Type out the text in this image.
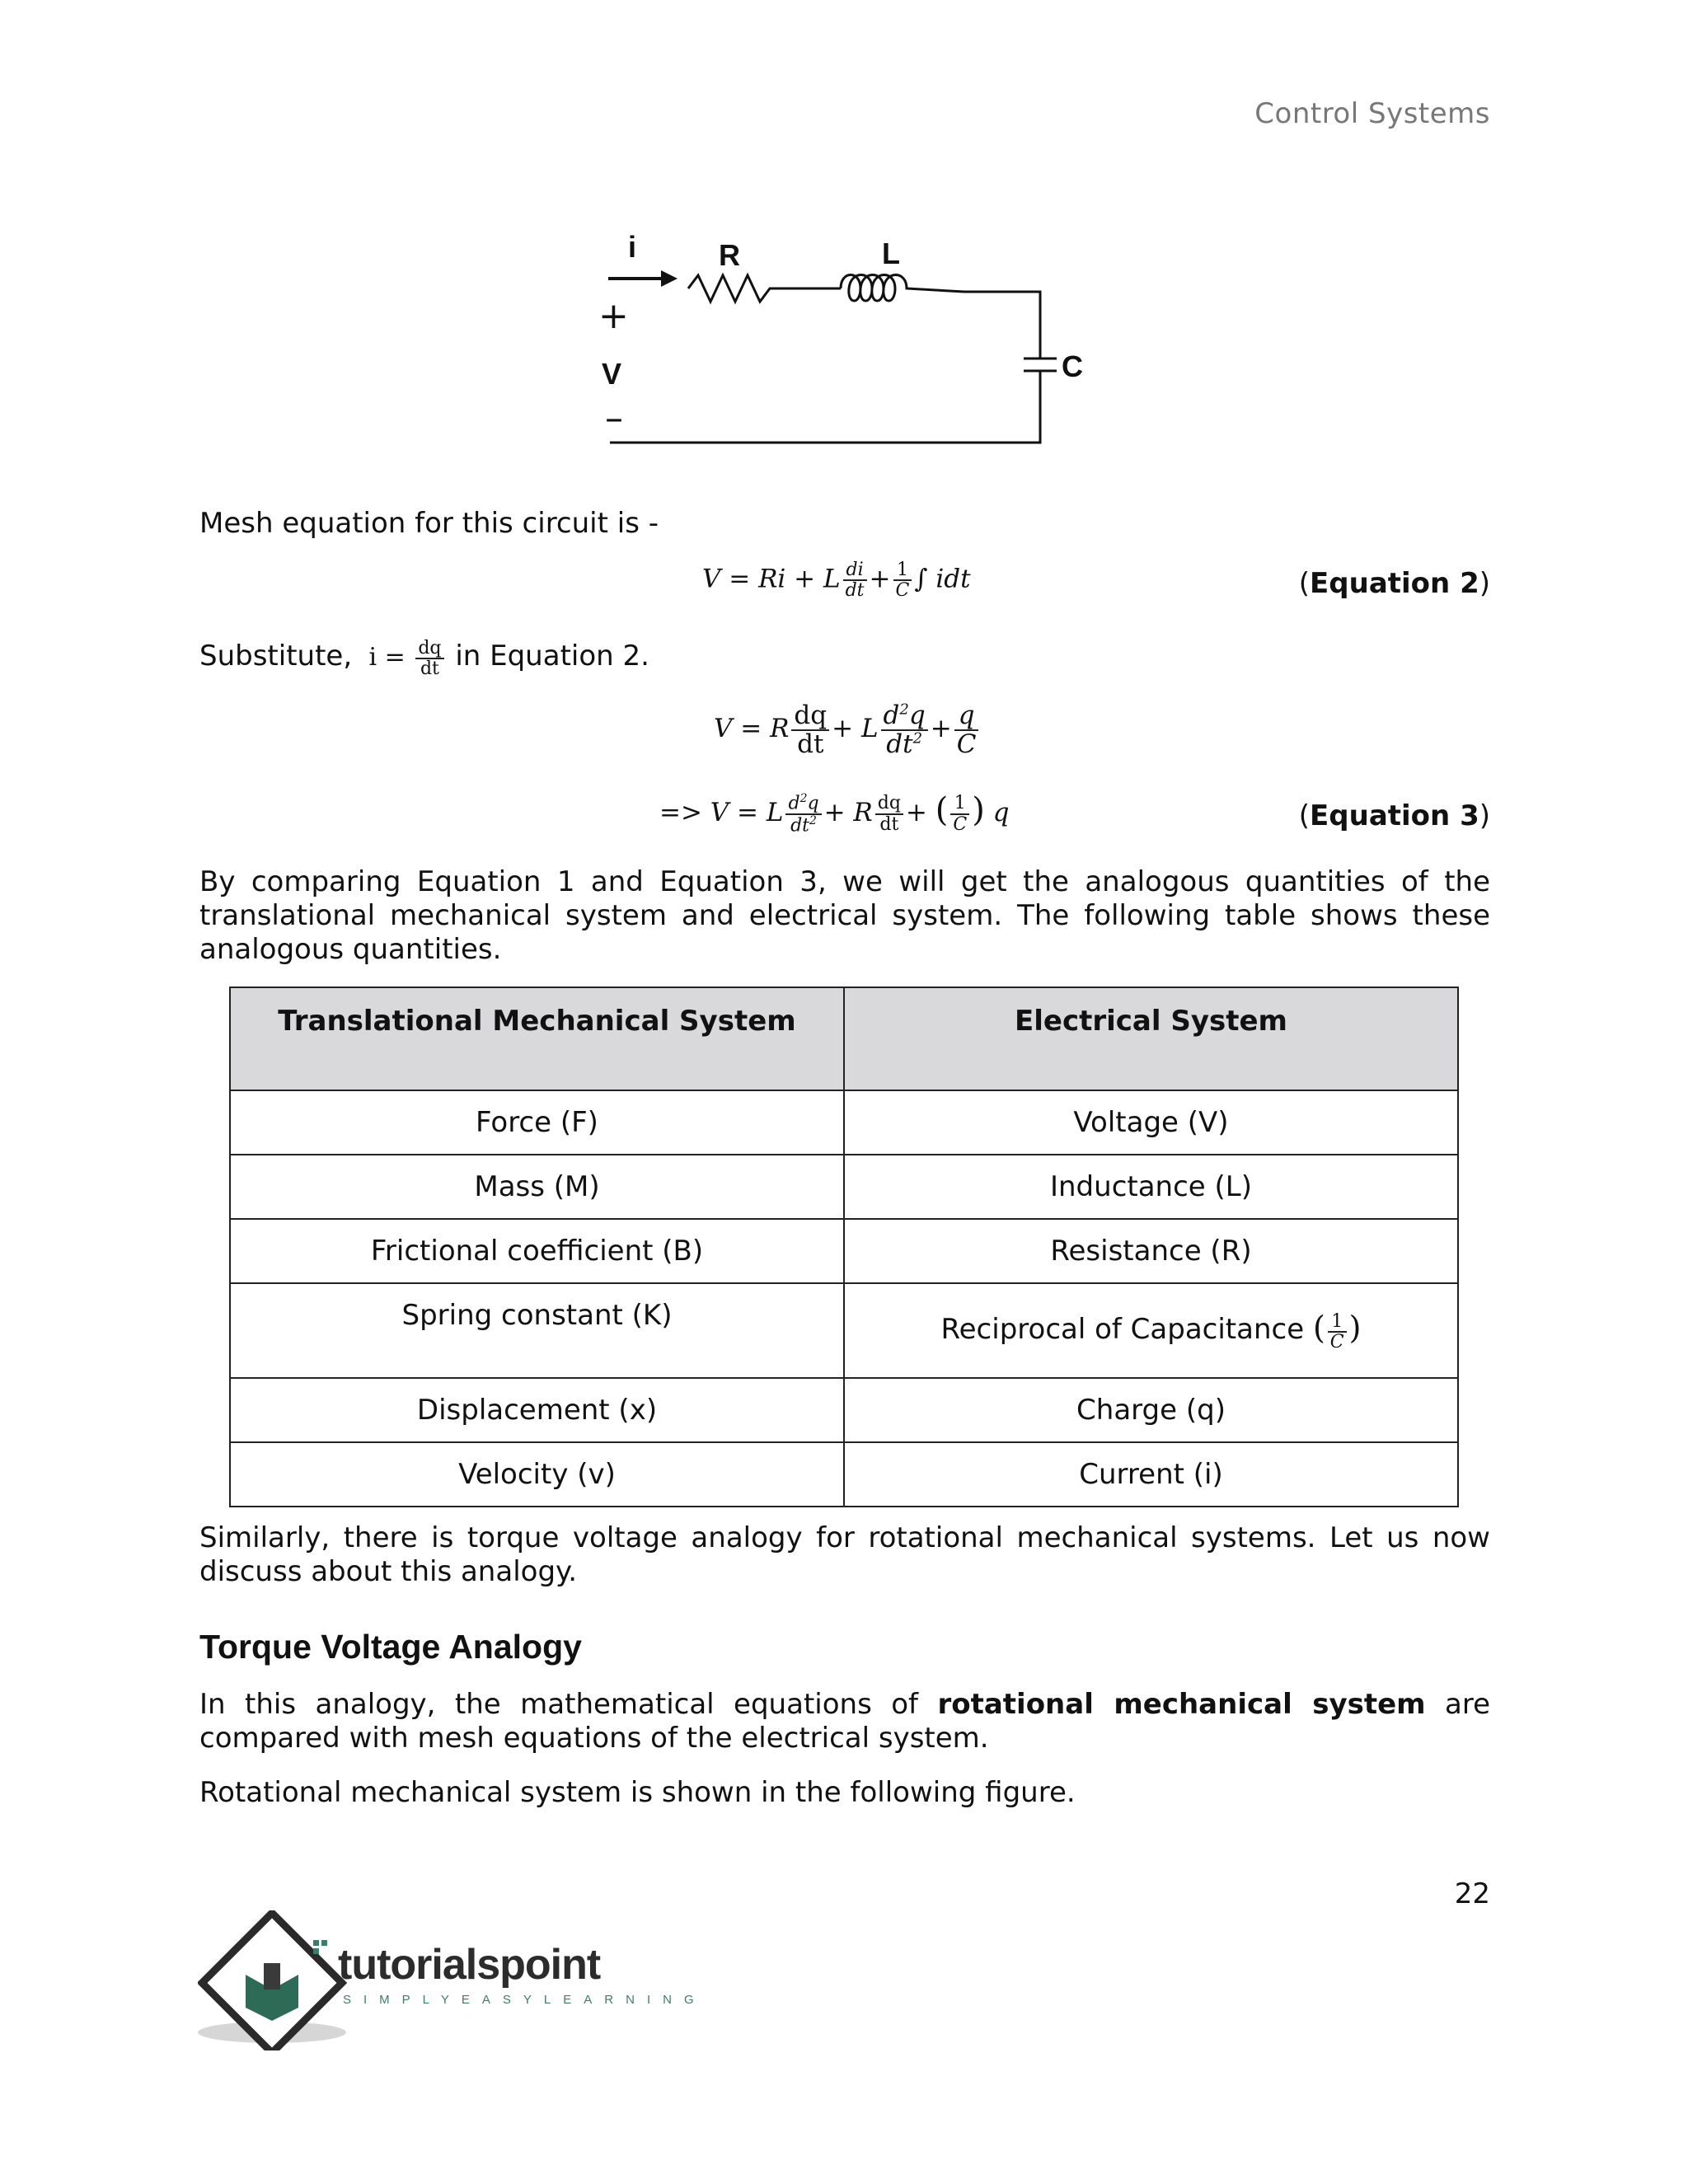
Control Systems
i	R	L
C
+
V
–
Mesh equation for this circuit is -
V = Ri + L $\frac{di}{dt} + \frac{1}{C}$ ∫ idt	(Equation 2)
Substitute, $i = \frac{dq}{dt}$ in Equation 2.
V = R $\frac{dq}{dt} + L \frac{d^2q}{dt^2} + \frac{q}{C}$
=> V = L $\frac{d^2q}{dt^2} + R \frac{dq}{dt}$ + ( $\frac{1}{C}$ ) q	(Equation 3)
By comparing Equation 1 and Equation 3, we will get the analogous quantities of the translational mechanical system and electrical system. The following table shows these analogous quantities.
Translational Mechanical System	Electrical System
Force (F)	Voltage (V)
Mass (M)	Inductance (L)
Frictional coefficient (B)	Resistance (R)
Spring constant (K)	Reciprocal of Capacitance ( $\frac{1}{C}$ )
Displacement (x)	Charge (q)
Velocity (v)	Current (i)
Similarly, there is torque voltage analogy for rotational mechanical systems. Let us now discuss about this analogy.
Torque Voltage Analogy
In this analogy, the mathematical equations of rotational mechanical system are compared with mesh equations of the electrical system.
Rotational mechanical system is shown in the following figure.
22
tutorialspoint
SIMPLYEASYLEARNING
